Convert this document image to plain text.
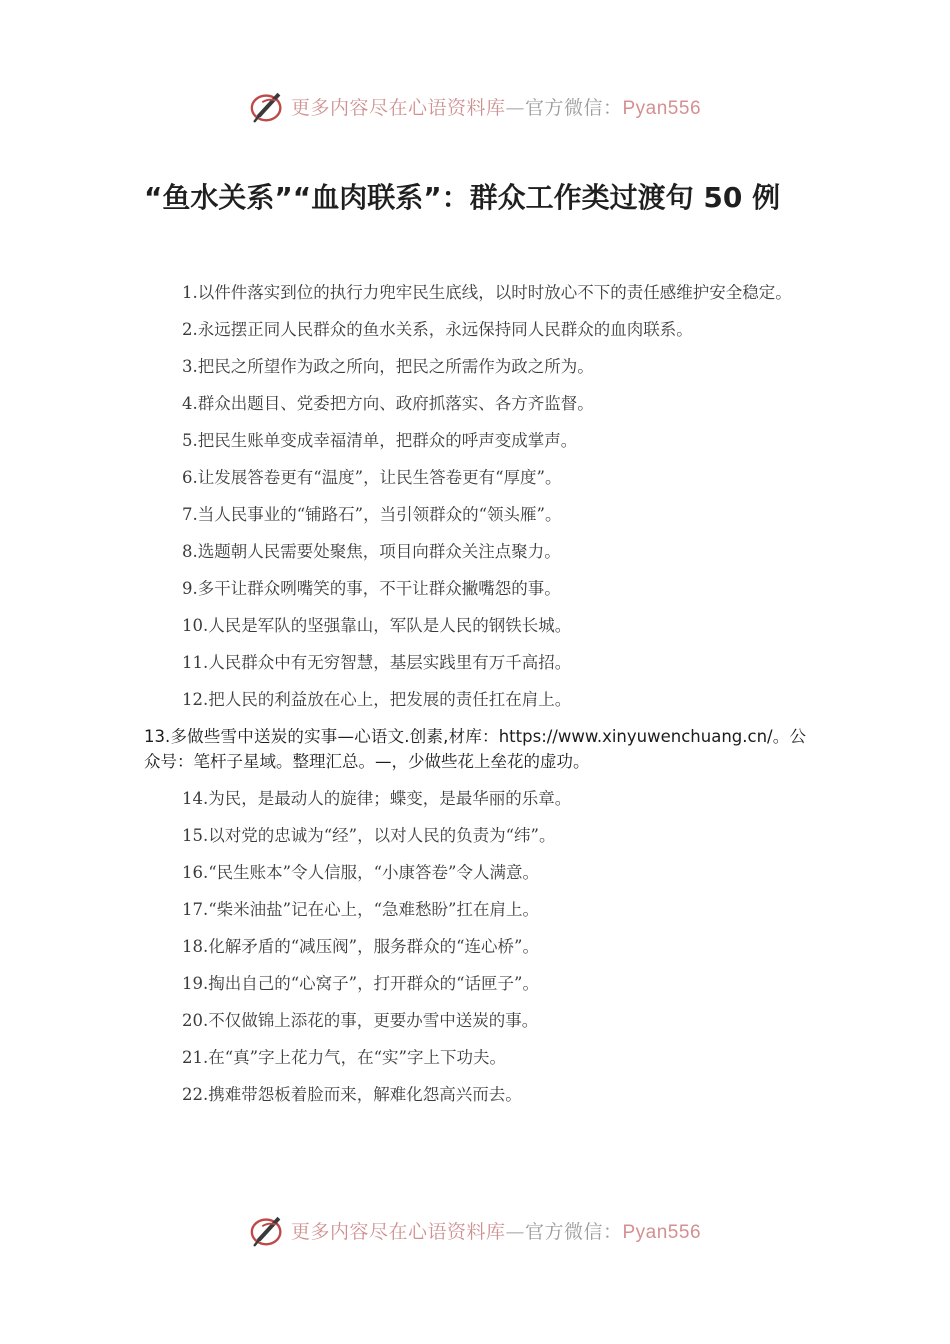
更多内容尽在心语资料库—官方微信：Pyan556
“鱼水关系”“血肉联系”：群众工作类过渡句 50 例

1.以件件落实到位的执行力兜牢民生底线，以时时放心不下的责任感维护安全稳定。

2.永远摆正同人民群众的鱼水关系，永远保持同人民群众的血肉联系。

3.把民之所望作为政之所向，把民之所需作为政之所为。

4.群众出题目、党委把方向、政府抓落实、各方齐监督。

5.把民生账单变成幸福清单，把群众的呼声变成掌声。

6.让发展答卷更有“温度”，让民生答卷更有“厚度”。

7.当人民事业的“铺路石”，当引领群众的“领头雁”。

8.选题朝人民需要处聚焦，项目向群众关注点聚力。

9.多干让群众咧嘴笑的事，不干让群众撇嘴怨的事。

10.人民是军队的坚强靠山，军队是人民的钢铁长城。

11.人民群众中有无穷智慧，基层实践里有万千高招。

12.把人民的利益放在心上，把发展的责任扛在肩上。

13.多做些雪中送炭的实事—心语文.创素,材库：https://www.xinyuwenchuang.cn/。公众号：笔杆子星域。整理汇总。—，少做些花上垒花的虚功。

14.为民，是最动人的旋律；蝶变，是最华丽的乐章。

15.以对党的忠诚为“经”，以对人民的负责为“纬”。

16.“民生账本”令人信服，“小康答卷”令人满意。

17.“柴米油盐”记在心上，“急难愁盼”扛在肩上。

18.化解矛盾的“减压阀”，服务群众的“连心桥”。

19.掏出自己的“心窝子”，打开群众的“话匣子”。

20.不仅做锦上添花的事，更要办雪中送炭的事。

21.在“真”字上花力气，在“实”字上下功夫。

22.携难带怨板着脸而来，解难化怨高兴而去。

更多内容尽在心语资料库—官方微信：Pyan556
